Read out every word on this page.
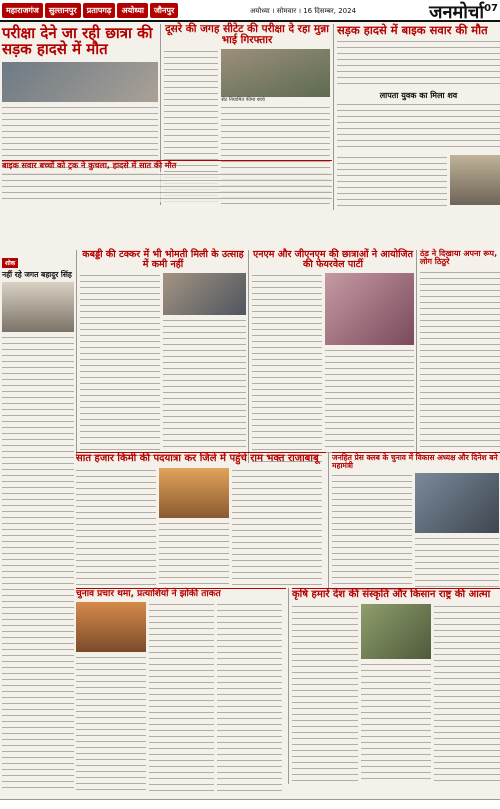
महाराजगंज	सुल्तानपुर	प्रतापगढ़	अयोध्या	जौनपुर	अयोध्या । सोमवार । 16 दिसम्बर, 2024	जनमोर्चा 07
परीक्षा देने जा रही छात्रा की सड़क हादसे में मौत
दूसरे की जगह सीटेट की परीक्षा दे रहा मुन्ना भाई गिरफ्तार
सेंट नियामित फीमा बच्चे
सड़क हादसे में बाइक सवार की मौत
लापता युवक का मिला शव
बाइक सवार बच्चों को ट्रक ने कुचला, हादसे में सात की मौत
शोक
नहीं रहे जगत बहादुर सिंह
कबड्डी की टक्कर में भी भोमती मिली के उत्साह में कमी नहीं
एनएम और जीएनएम की छात्राओं ने आयोजित की फेयरवेल पार्टी
ठंड ने दिखाया अपना रूप, लोग ठिठुरे
सात हजार किमी की पदयात्रा कर जिले में पहुंचे राम भक्त राजाबाबू	जनहित प्रेस क्लब के चुनाव में विकास अध्यक्ष और दिनेश बने महामंत्री
चुनाव प्रचार थमा, प्रत्याशियों ने झोंकी ताकत	कृषि हमारे देश की संस्कृति और किसान राष्ट्र की आत्मा
